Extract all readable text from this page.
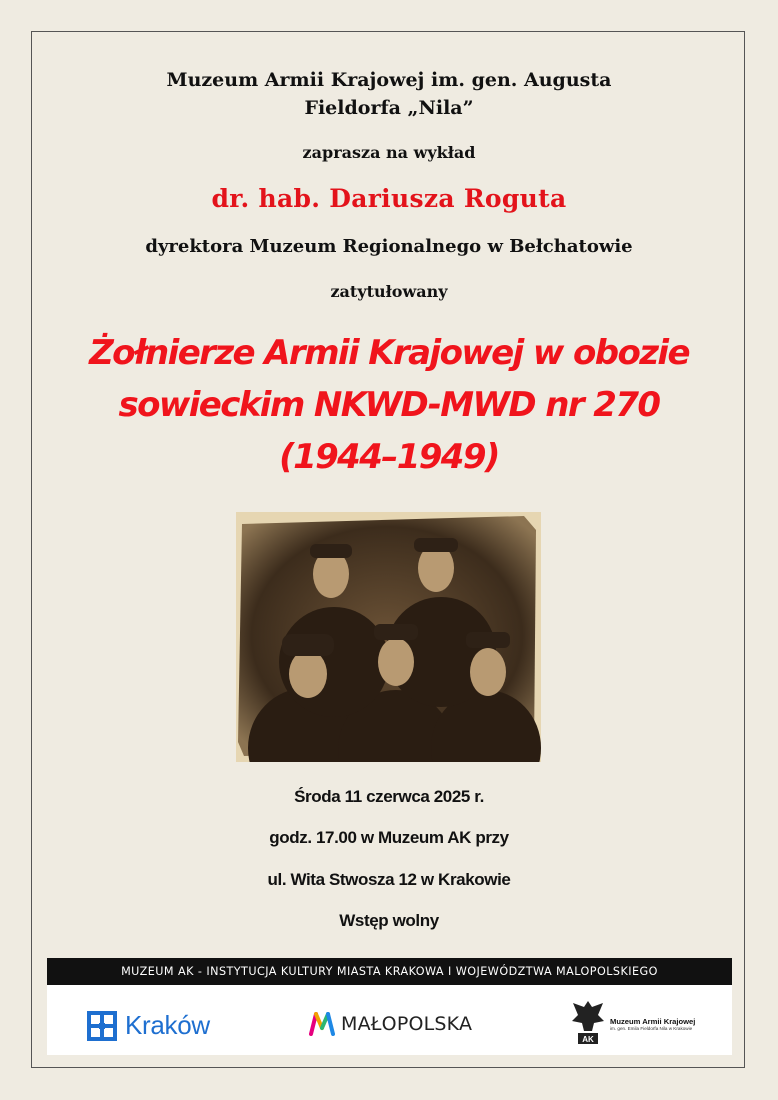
Muzeum Armii Krajowej im. gen. Augusta
Fieldorfa „Nila”
zaprasza na wykład
dr. hab. Dariusza Roguta
dyrektora Muzeum Regionalnego w Bełchatowie
zatytułowany
Żołnierze Armii Krajowej w obozie
sowieckim NKWD-MWD nr 270
(1944–1949)
Środa 11 czerwca 2025 r.
godz. 17.00 w Muzeum AK przy
ul. Wita Stwosza 12 w Krakowie
Wstęp wolny
MUZEUM AK - INSTYTUCJA KULTURY MIASTA KRAKOWA I WOJEWÓDZTWA MALOPOLSKIEGO
Kraków	MAŁOPOLSKA
AK
Muzeum Armii Krajowej
im. gen. Emila Fieldorfa Nila w Krakowie
